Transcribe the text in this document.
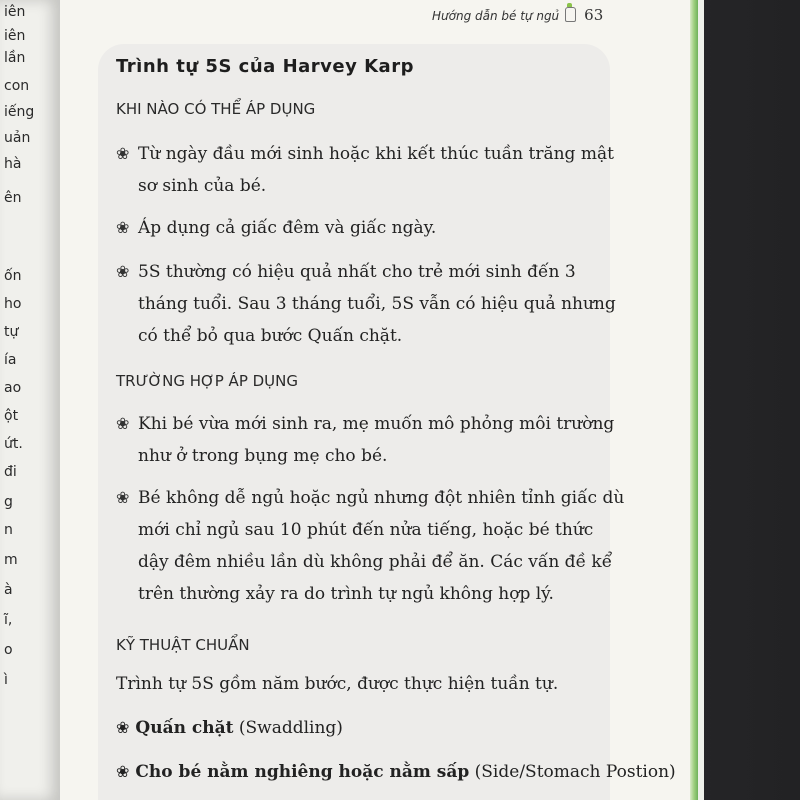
iên
iên
lần
con
iếng
uản
hà
ên
ốn
ho
tự
ía
ao
ột
ứt.
đi
g
n
m
à
ĩ,
o
ì
Hướng dẫn bé tự ngủ 63
Trình tự 5S của Harvey Karp
KHI NÀO CÓ THỂ ÁP DỤNG
❀ Từ ngày đầu mới sinh hoặc khi kết thúc tuần trăng mật sơ sinh của bé.
❀ Áp dụng cả giấc đêm và giấc ngày.
❀ 5S thường có hiệu quả nhất cho trẻ mới sinh đến 3 tháng tuổi. Sau 3 tháng tuổi, 5S vẫn có hiệu quả nhưng có thể bỏ qua bước Quấn chặt.
TRƯỜNG HỢP ÁP DỤNG
❀ Khi bé vừa mới sinh ra, mẹ muốn mô phỏng môi trường như ở trong bụng mẹ cho bé.
❀ Bé không dễ ngủ hoặc ngủ nhưng đột nhiên tỉnh giấc dù mới chỉ ngủ sau 10 phút đến nửa tiếng, hoặc bé thức dậy đêm nhiều lần dù không phải để ăn. Các vấn đề kể trên thường xảy ra do trình tự ngủ không hợp lý.
KỸ THUẬT CHUẨN
Trình tự 5S gồm năm bước, được thực hiện tuần tự.
❀ Quấn chặt (Swaddling)
❀ Cho bé nằm nghiêng hoặc nằm sấp (Side/Stomach Postion)
